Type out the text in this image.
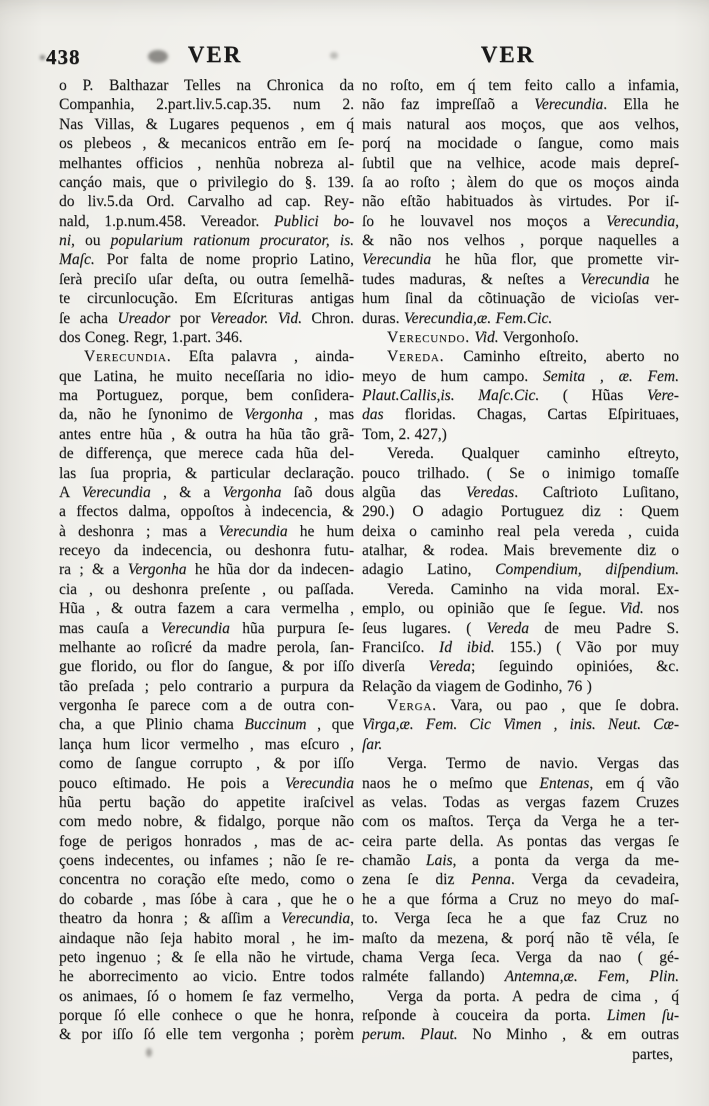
438	VER	VER
o P. Balthazar Telles na Chronica da
Companhia, 2.part.liv.5.cap.35. num 2.
Nas Villas, & Lugares pequenos , em q́
os plebeos , & mecanicos entrão em ſe-
melhantes officios , nenhũa nobreza al-
cançáo mais, que o privilegio do §. 139.
do liv.5.da Ord. Carvalho ad cap. Rey-
nald, 1.p.num.458. Vereador. Publici bo-
ni, ou popularium rationum procurator, is.
Maſc. Por falta de nome proprio Latino,
ſerà preciſo uſar deſta, ou outra ſemelhã-
te circunlocução. Em Eſcrituras antigas
ſe acha Ureador por Vereador. Vid. Chron.
dos Coneg. Regr, 1.part. 346.
Verecundia. Eſta palavra , ainda-
que Latina, he muito neceſſaria no idio-
ma Portuguez, porque, bem conſidera-
da, não he ſynonimo de Vergonha , mas
antes entre hũa , & outra ha hũa tão grã-
de differença, que merece cada hũa del-
las ſua propria, & particular declaração.
A Verecundia , & a Vergonha ſaõ dous
a ffectos dalma, oppoſtos à indecencia, &
à deshonra ; mas a Verecundia he hum
receyo da indecencia, ou deshonra futu-
ra ; & a Vergonha he hũa dor da indecen-
cia , ou deshonra preſente , ou paſſada.
Hũa , & outra fazem a cara vermelha ,
mas cauſa a Verecundia hũa purpura ſe-
melhante ao roſicré da madre perola, ſan-
gue florido, ou flor do ſangue, & por iſſo
tão preſada ; pelo contrario a purpura da
vergonha ſe parece com a de outra con-
cha, a que Plinio chama Buccinum , que
lança hum licor vermelho , mas eſcuro ,
como de ſangue corrupto , & por iſſo
pouco eſtimado. He pois a Verecundia
hũa pertu bação do appetite iraſcivel
com medo nobre, & fidalgo, porque não
foge de perigos honrados , mas de ac-
çoens indecentes, ou infames ; não ſe re-
concentra no coração eſte medo, como o
do cobarde , mas ſóbe à cara , que he o
theatro da honra ; & aſſim a Verecundia,
aindaque não ſeja habito moral , he im-
peto ingenuo ; & ſe ella não he virtude,
he aborrecimento ao vicio. Entre todos
os animaes, ſó o homem ſe faz vermelho,
porque ſó elle conhece o que he honra,
& por iſſo ſó elle tem vergonha ; porèm
no roſto, em q́ tem feito callo a infamia,
não faz impreſſaõ a Verecundia. Ella he
mais natural aos moços, que aos velhos,
porq́ na mocidade o ſangue, como mais
ſubtil que na velhice, acode mais depreſ-
ſa ao roſto ; àlem do que os moços ainda
não eſtão habituados às virtudes. Por iſ-
ſo he louvavel nos moços a Verecundia,
& não nos velhos , porque naquelles a
Verecundia he hũa flor, que promette vir-
tudes maduras, & neſtes a Verecundia he
hum ſinal da cõtinuação de vicioſas ver-
duras. Verecundia,æ. Fem.Cic.
Verecundo. Vid. Vergonhoſo.
Vereda. Caminho eſtreito, aberto no
meyo de hum campo. Semita , æ. Fem.
Plaut.Callis,is. Maſc.Cic. ( Hũas Vere-
das floridas. Chagas, Cartas Eſpirituaes,
Tom, 2. 427,)
Vereda. Qualquer caminho eſtreyto,
pouco trilhado. ( Se o inimigo tomaſſe
algũa das Veredas. Caſtrioto Luſitano,
290.) O adagio Portuguez diz : Quem
deixa o caminho real pela vereda , cuida
atalhar, & rodea. Mais brevemente diz o
adagio Latino, Compendium, diſpendium.
Vereda. Caminho na vida moral. Ex-
emplo, ou opinião que ſe ſegue. Vid. nos
ſeus lugares. ( Vereda de meu Padre S.
Franciſco. Id ibid. 155.) ( Vão por muy
diverſa Vereda; ſeguindo opinióes, &c.
Relação da viagem de Godinho, 76 )
Verga. Vara, ou pao , que ſe dobra.
Virga,æ. Fem. Cic Vimen , inis. Neut. Cæ-
ſar.
Verga. Termo de navio. Vergas das
naos he o meſmo que Entenas, em q́ vão
as velas. Todas as vergas fazem Cruzes
com os maſtos. Terça da Verga he a ter-
ceira parte della. As pontas das vergas ſe
chamão Lais, a ponta da verga da me-
zena ſe diz Penna. Verga da cevadeira,
he a que fórma a Cruz no meyo do maſ-
to. Verga ſeca he a que faz Cruz no
maſto da mezena, & porq́ não tẽ véla, ſe
chama Verga ſeca. Verga da nao ( gé-
ralméte fallando) Antemna,æ. Fem, Plin.
Verga da porta. A pedra de cima , q́
reſponde à couceira da porta. Limen ſu-
perum. Plaut. No Minho , & em outras
partes,
